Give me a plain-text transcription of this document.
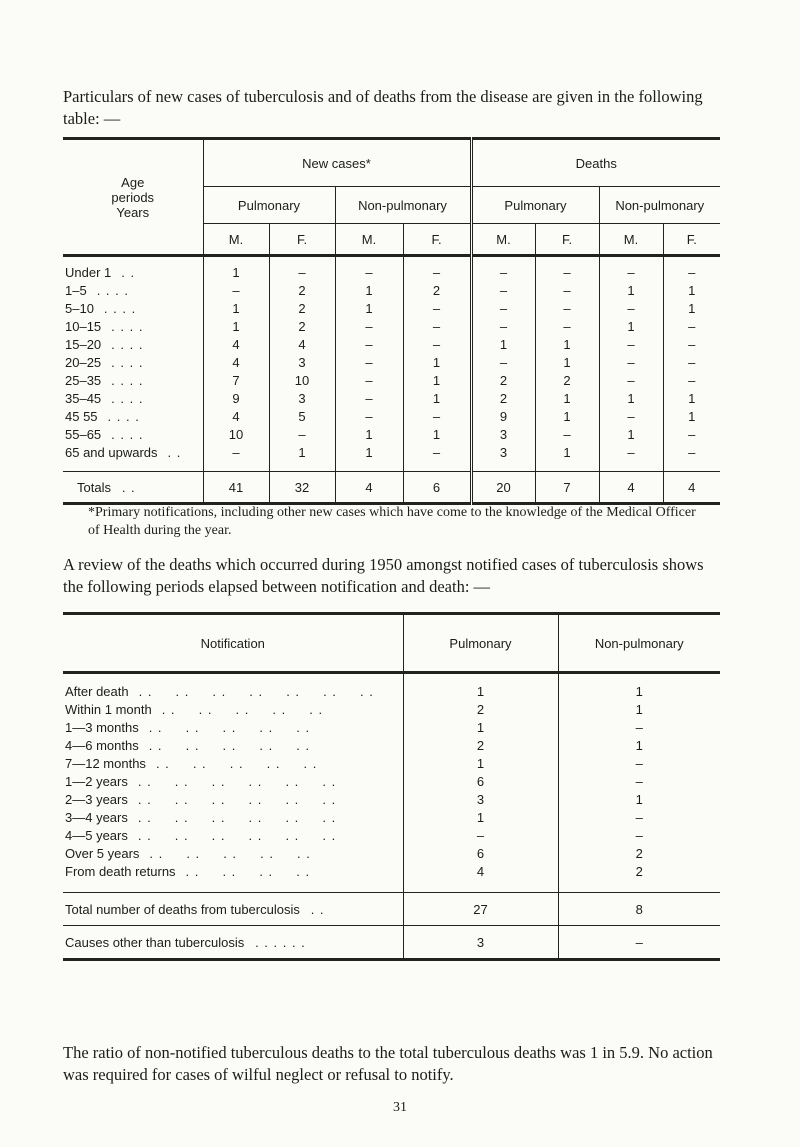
Particulars of new cases of tuberculosis and of deaths from the disease are given in the following table: —
Age
periods
Years	New cases*				Deaths			
	Pulmonary		Non-pulmonary		Pulmonary		Non-pulmonary	
	M.	F.	M.	F.	M.	F.	M.	F.

Under 1 . .	1	–	–	–	–	–	–	–
1–5 . . . .	–	2	1	2	–	–	1	1
5–10 . . . .	1	2	1	–	–	–	–	1
10–15 . . . .	1	2	–	–	–	–	1	–
15–20 . . . .	4	4	–	–	1	1	–	–
20–25 . . . .	4	3	–	1	–	1	–	–
25–35 . . . .	7	10	–	1	2	2	–	–
35–45 . . . .	9	3	–	1	2	1	1	1
45 55 . . . .	4	5	–	–	9	1	–	1
55–65 . . . .	10	–	1	1	3	–	1	–
65 and upwards . .	–	1	1	–	3	1	–	–

Totals . .	41	32	4	6	20	7	4	4
*Primary notifications, including other new cases which have come to the knowledge of the Medical Officer of Health during the year.
A review of the deaths which occurred during 1950 amongst notified cases of tuberculosis shows the following periods elapsed between notification and death: —
Notification	Pulmonary	Non-pulmonary

After death . .     . .     . .     . .     . .     . .     . .	1	1
Within 1 month . .     . .     . .     . .     . .	2	1
1—3 months . .     . .     . .     . .     . .	1	–
4—6 months . .     . .     . .     . .     . .	2	1
7—12 months . .     . .     . .     . .     . .	1	–
1—2 years . .     . .     . .     . .     . .     . .	6	–
2—3 years . .     . .     . .     . .     . .     . .	3	1
3—4 years . .     . .     . .     . .     . .     . .	1	–
4—5 years . .     . .     . .     . .     . .     . .	–	–
Over 5 years . .     . .     . .     . .     . .	6	2
From death returns . .     . .     . .     . .	4	2

Total number of deaths from tuberculosis . .	27	8
Causes other than tuberculosis . . . . . .	3	–
The ratio of non-notified tuberculous deaths to the total tuberculous deaths was 1 in 5.9. No action was required for cases of wilful neglect or refusal to notify.
31
